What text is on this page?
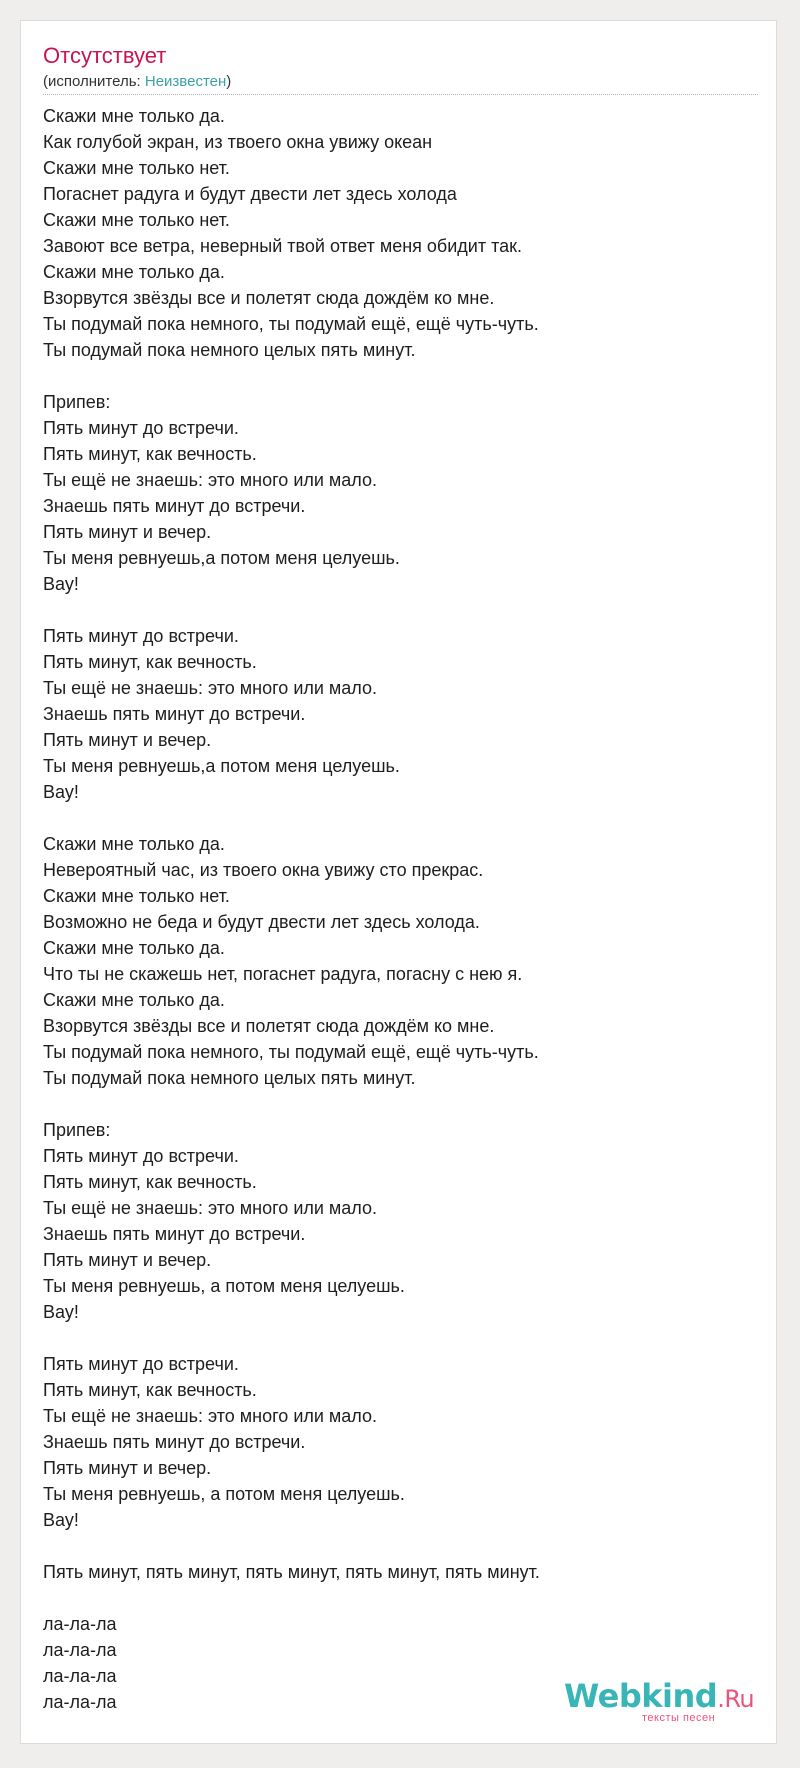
Отсутствует
(исполнитель: Неизвестен)
Скажи мне только да.
Как голубой экран, из твоего окна увижу океан
Скажи мне только нет.
Погаснет радуга и будут двести лет здесь холода
Скажи мне только нет.
Завоют все ветра, неверный твой ответ меня обидит так.
Скажи мне только да.
Взорвутся звёзды все и полетят сюда дождём ко мне.
Ты подумай пока немного, ты подумай ещё, ещё чуть-чуть.
Ты подумай пока немного целых пять минут.
Припев:
Пять минут до встречи.
Пять минут, как вечность.
Ты ещё не знаешь: это много или мало.
Знаешь пять минут до встречи.
Пять минут и вечер.
Ты меня ревнуешь,а потом меня целуешь.
Вау!
Пять минут до встречи.
Пять минут, как вечность.
Ты ещё не знаешь: это много или мало.
Знаешь пять минут до встречи.
Пять минут и вечер.
Ты меня ревнуешь,а потом меня целуешь.
Вау!
Скажи мне только да.
Невероятный час, из твоего окна увижу сто прекрас.
Скажи мне только нет.
Возможно не беда и будут двести лет здесь холода.
Скажи мне только да.
Что ты не скажешь нет, погаснет радуга, погасну с нею я.
Скажи мне только да.
Взорвутся звёзды все и полетят сюда дождём ко мне.
Ты подумай пока немного, ты подумай ещё, ещё чуть-чуть.
Ты подумай пока немного целых пять минут.
Припев:
Пять минут до встречи.
Пять минут, как вечность.
Ты ещё не знаешь: это много или мало.
Знаешь пять минут до встречи.
Пять минут и вечер.
Ты меня ревнуешь, а потом меня целуешь.
Вау!
Пять минут до встречи.
Пять минут, как вечность.
Ты ещё не знаешь: это много или мало.
Знаешь пять минут до встречи.
Пять минут и вечер.
Ты меня ревнуешь, а потом меня целуешь.
Вау!
Пять минут, пять минут, пять минут, пять минут, пять минут.
ла-ла-ла
ла-ла-ла
ла-ла-ла
ла-ла-ла	Webkind.Ru
тексты песен
